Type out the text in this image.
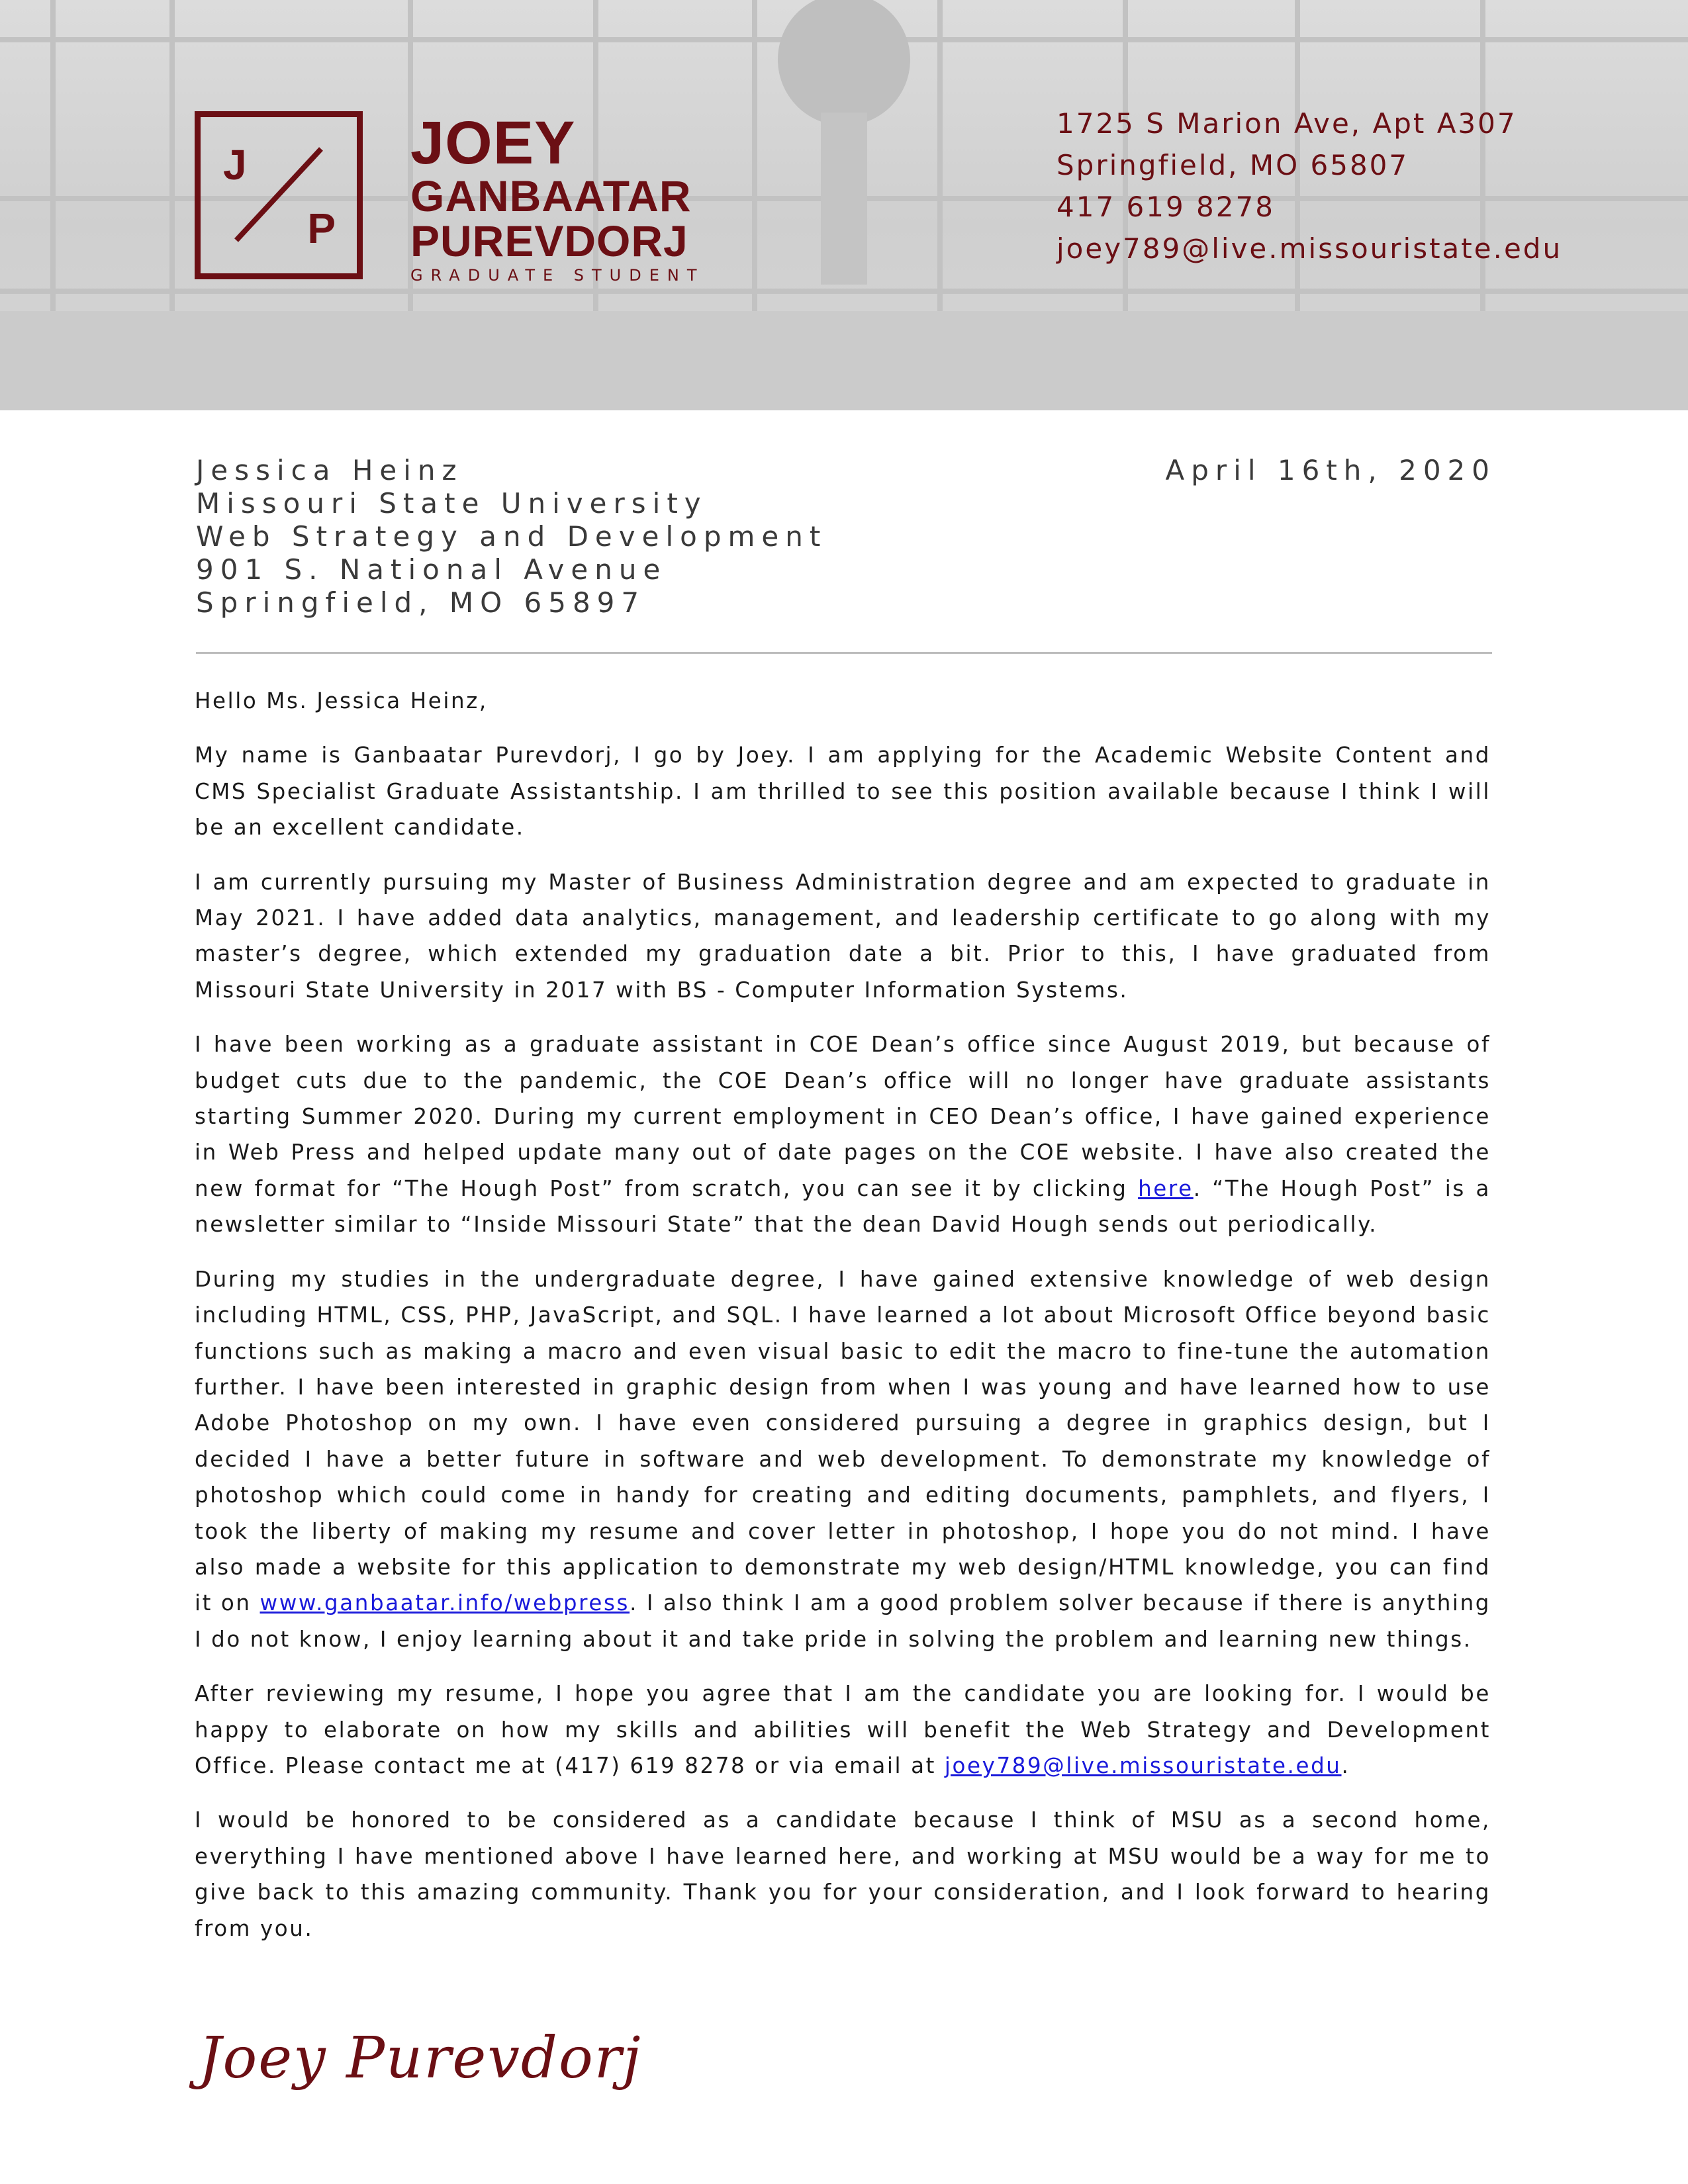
J
P
JOEY
GANBAATAR
PUREVDORJ
GRADUATE STUDENT
1725 S Marion Ave, Apt A307
Springfield, MO 65807
417 619 8278
joey789@live.missouristate.edu
Jessica Heinz
Missouri State University
Web Strategy and Development
901 S. National Avenue
Springfield, MO 65897
April 16th, 2020

Hello Ms. Jessica Heinz,

My name is Ganbaatar Purevdorj, I go by Joey. I am applying for the Academic Website Content and CMS Specialist Graduate Assistantship. I am thrilled to see this position available because I think I will be an excellent candidate.

I am currently pursuing my Master of Business Administration degree and am expected to graduate in May 2021. I have added data analytics, management, and leadership certificate to go along with my master’s degree, which extended my graduation date a bit. Prior to this, I have graduated from Missouri State University in 2017 with BS - Computer Information Systems.

I have been working as a graduate assistant in COE Dean’s office since August 2019, but because of budget cuts due to the pandemic, the COE Dean’s office will no longer have graduate assistants starting Summer 2020. During my current employment in CEO Dean’s office, I have gained experience in Web Press and helped update many out of date pages on the COE website. I have also created the new format for “The Hough Post” from scratch, you can see it by clicking here. “The Hough Post” is a newsletter similar to “Inside Missouri State” that the dean David Hough sends out periodically.

During my studies in the undergraduate degree, I have gained extensive knowledge of web design including HTML, CSS, PHP, JavaScript, and SQL. I have learned a lot about Microsoft Office beyond basic functions such as making a macro and even visual basic to edit the macro to fine-tune the automation further. I have been interested in graphic design from when I was young and have learned how to use Adobe Photoshop on my own. I have even considered pursuing a degree in graphics design, but I decided I have a better future in software and web development. To demonstrate my knowledge of photoshop which could come in handy for creating and editing documents, pamphlets, and flyers, I took the liberty of making my resume and cover letter in photoshop, I hope you do not mind. I have also made a website for this application to demonstrate my web design/HTML knowledge, you can find it on www.ganbaatar.info/webpress. I also think I am a good problem solver because if there is anything I do not know, I enjoy learning about it and take pride in solving the problem and learning new things.

After reviewing my resume, I hope you agree that I am the candidate you are looking for. I would be happy to elaborate on how my skills and abilities will benefit the Web Strategy and Development Office. Please contact me at (417) 619 8278 or via email at joey789@live.missouristate.edu.

I would be honored to be considered as a candidate because I think of MSU as a second home, everything I have mentioned above I have learned here, and working at MSU would be a way for me to give back to this amazing community. Thank you for your consideration, and I look forward to hearing from you.

Joey Purevdorj
